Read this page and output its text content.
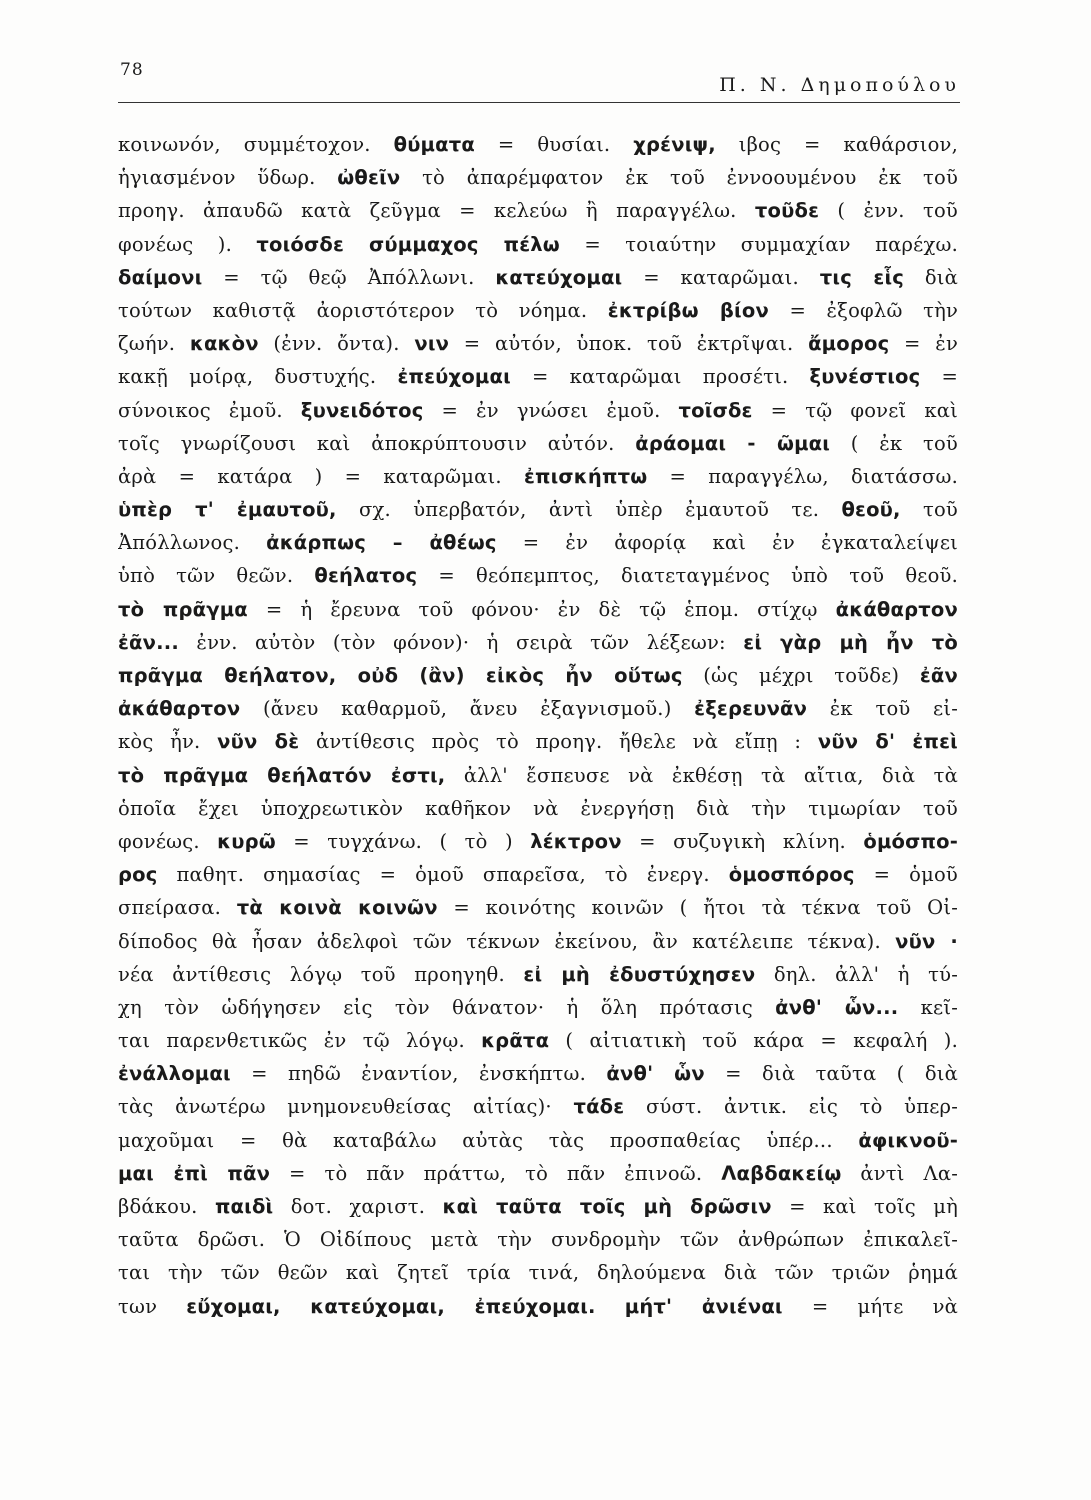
78
Π. Ν. Δημοπούλου
κοινωνόν, συμμέτοχον. θύματα = θυσίαι. χρένιψ, ιβος = καθάρσιον,
ἡγιασμένον ὕδωρ. ὠθεῖν τὸ ἀπαρέμφατον ἐκ τοῦ ἐννοουμένου ἐκ τοῦ
προηγ. ἀπαυδῶ κατὰ ζεῦγμα = κελεύω ἢ παραγγέλω. τοῦδε ( ἐνν. τοῦ
φονέως ). τοιόσδε σύμμαχος πέλω = τοιαύτην συμμαχίαν παρέχω.
δαίμονι = τῷ θεῷ Ἀπόλλωνι. κατεύχομαι = καταρῶμαι. τις εἷς διὰ
τούτων καθιστᾷ ἀοριστότερον τὸ νόημα. ἐκτρίβω βίον = ἐξοφλῶ τὴν
ζωήν. κακὸν (ἐνν. ὄντα). νιν = αὐτόν, ὑποκ. τοῦ ἐκτρῖψαι. ἄμορος = ἐν
κακῇ μοίρᾳ, δυστυχής. ἐπεύχομαι = καταρῶμαι προσέτι. ξυνέστιος =
σύνοικος ἐμοῦ. ξυνειδότος = ἐν γνώσει ἐμοῦ. τοῖσδε = τῷ φονεῖ καὶ
τοῖς γνωρίζουσι καὶ ἀποκρύπτουσιν αὐτόν. ἀράομαι - ῶμαι ( ἐκ τοῦ
ἀρὰ = κατάρα ) = καταρῶμαι. ἐπισκήπτω = παραγγέλω, διατάσσω.
ὑπὲρ τ' ἐμαυτοῦ, σχ. ὑπερβατόν, ἀντὶ ὑπὲρ ἐμαυτοῦ τε. θεοῦ, τοῦ
Ἀπόλλωνος. ἀκάρπως – ἀθέως = ἐν ἀφορίᾳ καὶ ἐν ἐγκαταλείψει
ὑπὸ τῶν θεῶν. θεήλατος = θεόπεμπτος, διατεταγμένος ὑπὸ τοῦ θεοῦ.
τὸ πρᾶγμα = ἡ ἔρευνα τοῦ φόνου· ἐν δὲ τῷ ἑπομ. στίχῳ ἀκάθαρτον
ἐᾶν... ἐνν. αὐτὸν (τὸν φόνον)· ἡ σειρὰ τῶν λέξεων: εἰ γὰρ μὴ ἦν τὸ
πρᾶγμα θεήλατον, οὐδ (ἂν) εἰκὸς ἦν οὕτως (ὡς μέχρι τοῦδε) ἐᾶν
ἀκάθαρτον (ἄνευ καθαρμοῦ, ἄνευ ἐξαγνισμοῦ.) ἐξερευνᾶν ἐκ τοῦ εἰ-
κὸς ἦν. νῦν δὲ ἀντίθεσις πρὸς τὸ προηγ. ἤθελε νὰ εἴπῃ : νῦν δ' ἐπεὶ
τὸ πρᾶγμα θεήλατόν ἐστι, ἀλλ' ἔσπευσε νὰ ἐκθέσῃ τὰ αἴτια, διὰ τὰ
ὁποῖα ἔχει ὑποχρεωτικὸν καθῆκον νὰ ἐνεργήσῃ διὰ τὴν τιμωρίαν τοῦ
φονέως. κυρῶ = τυγχάνω. ( τὸ ) λέκτρον = συζυγικὴ κλίνη. ὁμόσπο-
ρος παθητ. σημασίας = ὁμοῦ σπαρεῖσα, τὸ ἐνεργ. ὁμοσπόρος = ὁμοῦ
σπείρασα. τὰ κοινὰ κοινῶν = κοινότης κοινῶν ( ἤτοι τὰ τέκνα τοῦ Οἰ-
δίποδος θὰ ἦσαν ἀδελφοὶ τῶν τέκνων ἐκείνου, ἂν κατέλειπε τέκνα). νῦν ·
νέα ἀντίθεσις λόγῳ τοῦ προηγηθ. εἰ μὴ ἐδυστύχησεν δηλ. ἀλλ' ἡ τύ-
χη τὸν ὡδήγησεν εἰς τὸν θάνατον· ἡ ὅλη πρότασις ἀνθ' ὧν... κεῖ-
ται παρενθετικῶς ἐν τῷ λόγῳ. κρᾶτα ( αἰτιατικὴ τοῦ κάρα = κεφαλή ).
ἐνάλλομαι = πηδῶ ἐναντίον, ἐνσκήπτω. ἀνθ' ὧν = διὰ ταῦτα ( διὰ
τὰς ἀνωτέρω μνημονευθείσας αἰτίας)· τάδε σύστ. ἀντικ. εἰς τὸ ὑπερ-
μαχοῦμαι = θὰ καταβάλω αὐτὰς τὰς προσπαθείας ὑπέρ... ἀφικνοῦ-
μαι ἐπὶ πᾶν = τὸ πᾶν πράττω, τὸ πᾶν ἐπινοῶ. Λαβδακείῳ ἀντὶ Λα-
βδάκου. παιδὶ δοτ. χαριστ. καὶ ταῦτα τοῖς μὴ δρῶσιν = καὶ τοῖς μὴ
ταῦτα δρῶσι. Ὁ Οἰδίπους μετὰ τὴν συνδρομὴν τῶν ἀνθρώπων ἐπικαλεῖ-
ται τὴν τῶν θεῶν καὶ ζητεῖ τρία τινά, δηλούμενα διὰ τῶν τριῶν ῥημά
των εὔχομαι, κατεύχομαι, ἐπεύχομαι. μήτ' ἀνιέναι = μήτε νὰ
